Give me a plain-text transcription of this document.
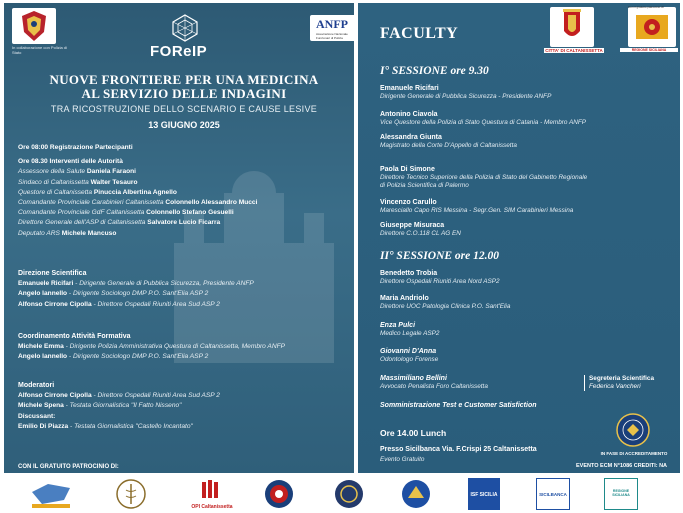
In collaborazione con Polizia di Stato	FOReIP
ANFP
Associazione Nazionale Funzionari di Polizia
NUOVE FRONTIERE PER UNA MEDICINA
AL SERVIZIO DELLE INDAGINI
TRA RICOSTRUZIONE DELLO SCENARIO E CAUSE LESIVE
13 GIUGNO 2025
Ore 08:00 Registrazione Partecipanti
Ore 08.30 Interventi delle Autorità
Assessore della Salute Daniela Faraoni
Sindaco di Caltanissetta Walter Tesauro
Questore di Caltanissetta Pinuccia Albertina Agnello
Comandante Provinciale Carabinieri Caltanissetta Colonnello Alessandro Mucci
Comandante Provinciale GdF Caltanissetta Colonnello Stefano Gesuelli
Direttore Generale dell'ASP di Caltanissetta Salvatore Lucio Ficarra
Deputato ARS Michele Mancuso
Direzione Scientifica
Emanuele Ricifari - Dirigente Generale di Pubblica Sicurezza, Presidente ANFP
Angelo Iannello - Dirigente Sociologo DMP P.O. Sant'Elia ASP 2
Alfonso Cirrone Cipolla - Direttore Ospedali Riuniti Area Sud ASP 2
Coordinamento Attività Formativa
Michele Emma - Dirigente Polizia Amministrativa Questura di Caltanissetta, Membro ANFP
Angelo Iannello - Dirigente Sociologo DMP P.O. Sant'Elia ASP 2
Moderatori
Alfonso Cirrone Cipolla - Direttore Ospedali Riuniti Area Sud ASP 2
Michele Spena - Testata Giornalistica "Il Fatto Nisseno"
Discussant:
Emilio Di Piazza - Testata Giornalistica "Castello Incantato"
CON IL GRATUITO PATROCINIO DI:
FACULTY
CITTA' DI CALTANISSETTA
Con il gratuito patrocinio di
REGIONE SICILIANA
I° SESSIONE ore 9.30
Emanuele Ricifari
Dirigente Generale di Pubblica Sicurezza - Presidente ANFP
Antonino Ciavola
Vice Questore della Polizia di Stato Questura di Catania - Membro ANFP
Alessandra Giunta
Magistrato della Corte D'Appello di Caltanissetta
Paola Di Simone
Direttore Tecnico Superiore della Polizia di Stato del Gabinetto Regionale
di Polizia Scientifica di Palermo
Vincenzo Carullo
Maresciallo Capo RIS Messina - Segr.Gen. SIM Carabinieri Messina
Giuseppe Misuraca
Direttore C.O.118 CL AG EN
II° SESSIONE ore 12.00
Benedetto Trobia
Direttore Ospedali Riuniti Area Nord ASP2
Maria Andriolo
Direttore UOC Patologia Clinica P.O. Sant'Elia
Enza Pulci
Medico Legale ASP2
Giovanni D'Anna
Odontologo Forense
Massimiliano Bellini
Avvocato Penalista Foro Caltanissetta
Segreteria Scientifica
Federica Vancheri
Somministrazione Test e Customer Satisfiction
Ore 14.00 Lunch
Presso Sicilbanca Via. F.Crispi 25 Caltanissetta
Evento Gratuito
IN FASE DI ACCREDITAMENTO
EVENTO ECM N°1086 CREDITI: NA
OPI Caltanissetta
ISF SICILIA	SICILBANCA
REGIONE SICILIANA
